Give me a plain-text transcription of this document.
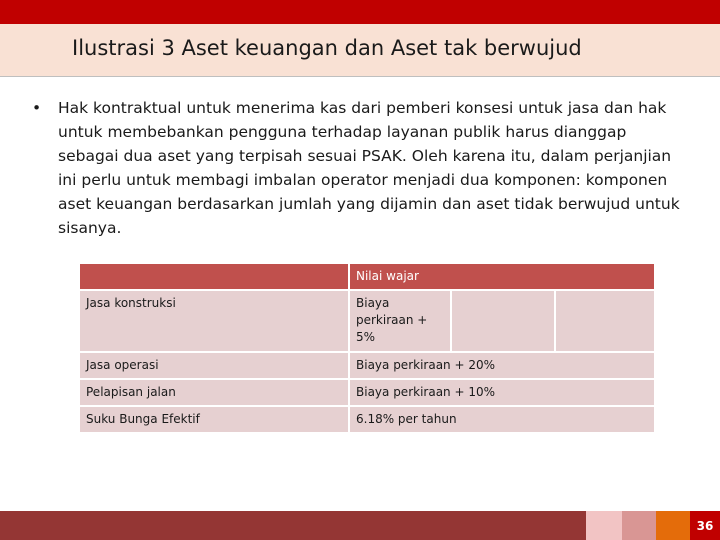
Ilustrasi 3 Aset keuangan dan Aset tak berwujud
• Hak kontraktual untuk menerima kas dari pemberi konsesi untuk jasa dan hak untuk membebankan pengguna terhadap layanan publik harus dianggap sebagai dua aset yang terpisah sesuai PSAK. Oleh karena itu, dalam perjanjian ini perlu untuk membagi imbalan operator menjadi dua komponen: komponen aset keuangan berdasarkan jumlah yang dijamin dan aset tidak berwujud untuk sisanya.
	Nilai wajar
Jasa konstruksi	Biaya perkiraan + 5%

Jasa operasi	Biaya perkiraan + 20%
Pelapisan jalan	Biaya perkiraan + 10%
Suku Bunga Efektif	6.18% per tahun
36
